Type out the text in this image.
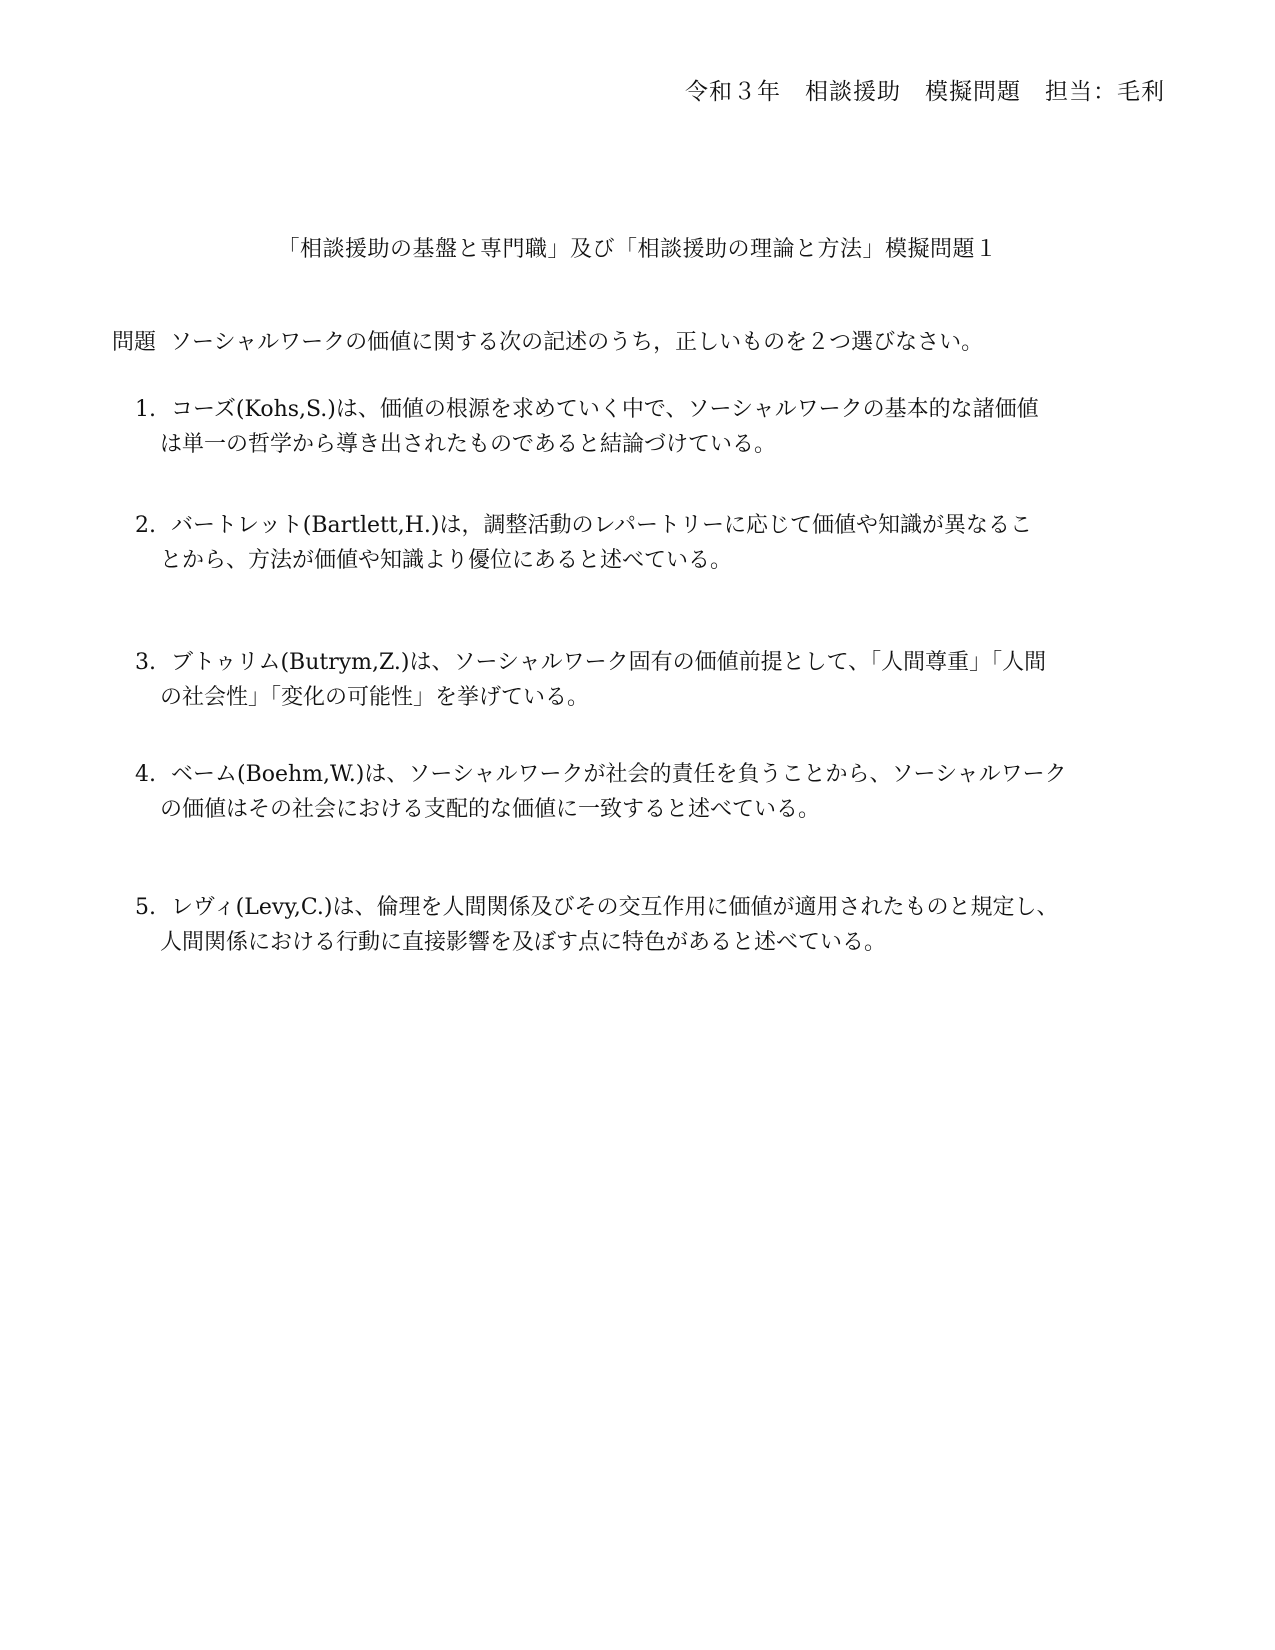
令和３年　相談援助　模擬問題　担当：毛利
「相談援助の基盤と専門職」及び「相談援助の理論と方法」模擬問題１
問題 ソーシャルワークの価値に関する次の記述のうち，正しいものを２つ選びなさい。
1. コーズ(Kohs,S.)は、価値の根源を求めていく中で、ソーシャルワークの基本的な諸価値
は単一の哲学から導き出されたものであると結論づけている。
2. バートレット(Bartlett,H.)は，調整活動のレパートリーに応じて価値や知識が異なるこ
とから、方法が価値や知識より優位にあると述べている。
3. ブトゥリム(Butrym,Z.)は、ソーシャルワーク固有の価値前提として、「人間尊重」「人間
の社会性」「変化の可能性」を挙げている。
4. ベーム(Boehm,W.)は、ソーシャルワークが社会的責任を負うことから、ソーシャルワーク
の価値はその社会における支配的な価値に一致すると述べている。
5. レヴィ(Levy,C.)は、倫理を人間関係及びその交互作用に価値が適用されたものと規定し、
人間関係における行動に直接影響を及ぼす点に特色があると述べている。
